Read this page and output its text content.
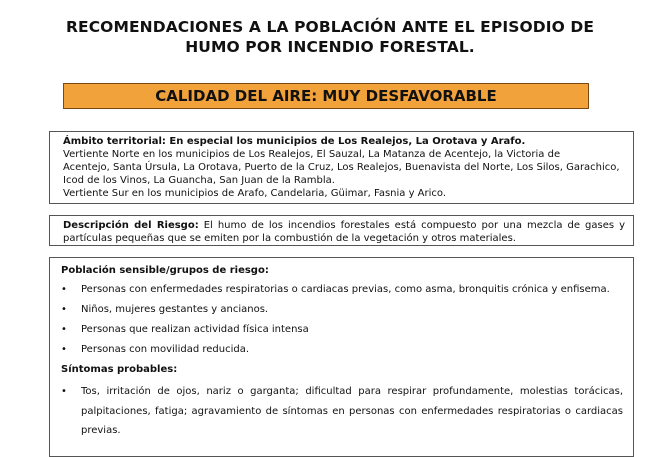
RECOMENDACIONES A LA POBLACIÓN ANTE EL EPISODIO DE
HUMO POR INCENDIO FORESTAL.
CALIDAD DEL AIRE: MUY DESFAVORABLE
Ámbito territorial: En especial los municipios de Los Realejos, La Orotava y Arafo.
Vertiente Norte en los municipios de Los Realejos, El Sauzal, La Matanza de Acentejo, la Victoria de
Acentejo, Santa Úrsula, La Orotava, Puerto de la Cruz, Los Realejos, Buenavista del Norte, Los Silos, Garachico,
Icod de los Vinos, La Guancha, San Juan de la Rambla.
Vertiente Sur en los municipios de Arafo, Candelaria, Güimar, Fasnia y Arico.
Descripción del Riesgo: El humo de los incendios forestales está compuesto por una mezcla de gases y partículas pequeñas que se emiten por la combustión de la vegetación y otros materiales.
Población sensible/grupos de riesgo:
• Personas con enfermedades respiratorias o cardiacas previas, como asma, bronquitis crónica y enfisema.
• Niños, mujeres gestantes y ancianos.
• Personas que realizan actividad física intensa
• Personas con movilidad reducida.
Síntomas probables:
• Tos, irritación de ojos, nariz o garganta; dificultad para respirar profundamente, molestias torácicas, palpitaciones, fatiga; agravamiento de síntomas en personas con enfermedades respiratorias o cardiacas previas.
